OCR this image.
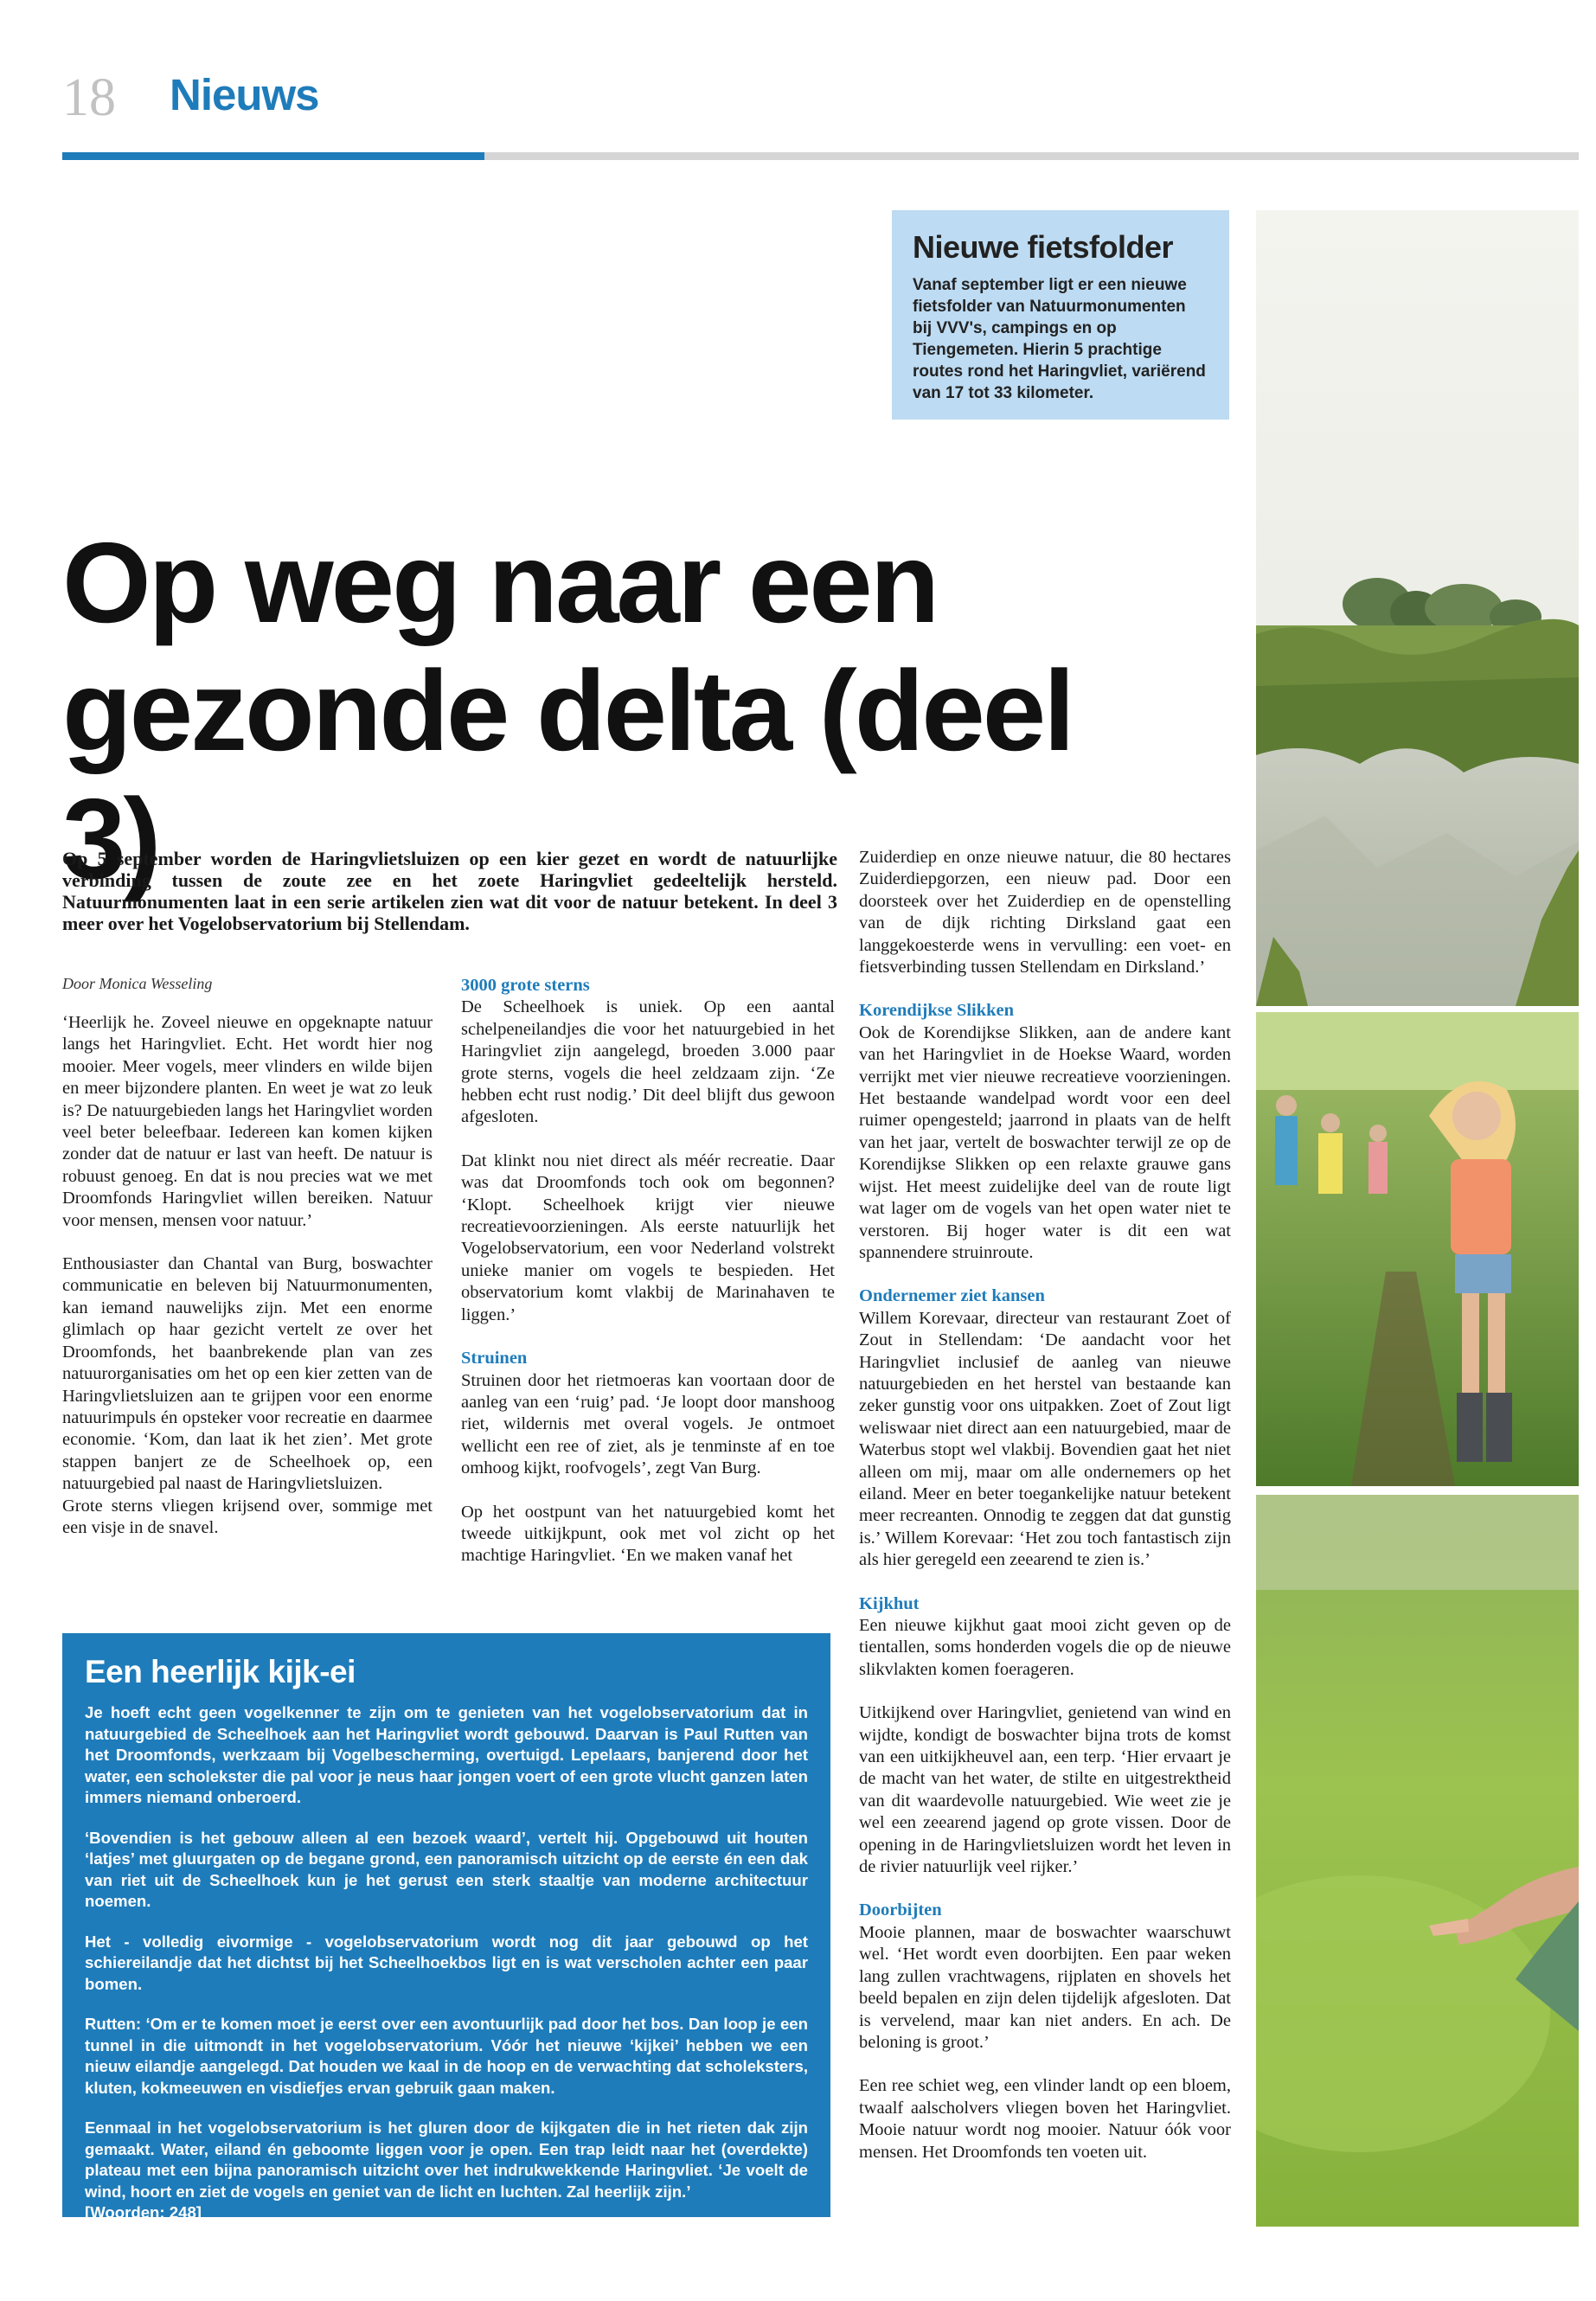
18 Nieuws
Nieuwe fietsfolder
Vanaf september ligt er een nieuwe fietsfolder van Natuurmonumenten bij VVV's, campings en op Tiengemeten. Hierin 5 prachtige routes rond het Haringvliet, variërend van 17 tot 33 kilometer.
Op weg naar een
gezonde delta (deel 3)
Op 5 september worden de Haringvlietsluizen op een kier gezet en wordt de natuurlijke verbinding tussen de zoute zee en het zoete Haringvliet gedeeltelijk hersteld. Natuurmonumenten laat in een serie artikelen zien wat dit voor de natuur betekent. In deel 3 meer over het Vogelobservatorium bij Stellendam.
Door Monica Wesseling

‘Heerlijk he. Zoveel nieuwe en opgeknapte natuur langs het Haringvliet. Echt. Het wordt hier nog mooier. Meer vogels, meer vlinders en wilde bijen en meer bijzondere planten. En weet je wat zo leuk is? De natuurgebieden langs het Haringvliet worden veel beter beleefbaar. Iedereen kan komen kijken zonder dat de natuur er last van heeft. De natuur is robuust genoeg. En dat is nou precies wat we met Droomfonds Haringvliet willen bereiken. Natuur voor mensen, mensen voor natuur.’

Enthousiaster dan Chantal van Burg, boswachter communicatie en beleven bij Natuurmonumenten, kan iemand nauwelijks zijn. Met een enorme glimlach op haar gezicht vertelt ze over het Droomfonds, het baanbrekende plan van zes natuurorganisaties om het op een kier zetten van de Haringvlietsluizen aan te grijpen voor een enorme natuurimpuls én opsteker voor recreatie en daarmee economie. ‘Kom, dan laat ik het zien’. Met grote stappen banjert ze de Scheelhoek op, een natuurgebied pal naast de Haringvlietsluizen.

Grote sterns vliegen krijsend over, sommige met een visje in de snavel.

3000 grote sterns

De Scheelhoek is uniek. Op een aantal schelpeneilandjes die voor het natuurgebied in het Haringvliet zijn aangelegd, broeden 3.000 paar grote sterns, vogels die heel zeldzaam zijn. ‘Ze hebben echt rust nodig.’ Dit deel blijft dus gewoon afgesloten.

Dat klinkt nou niet direct als méér recreatie. Daar was dat Droomfonds toch ook om begonnen? ‘Klopt. Scheelhoek krijgt vier nieuwe recreatievoorzieningen. Als eerste natuurlijk het Vogelobservatorium, een voor Nederland volstrekt unieke manier om vogels te bespieden. Het observatorium komt vlakbij de Marinahaven te liggen.’

Struinen

Struinen door het rietmoeras kan voortaan door de aanleg van een ‘ruig’ pad. ‘Je loopt door manshoog riet, wildernis met overal vogels. Je ontmoet wellicht een ree of ziet, als je tenminste af en toe omhoog kijkt, roofvogels’, zegt Van Burg.

Op het oostpunt van het natuurgebied komt het tweede uitkijkpunt, ook met vol zicht op het machtige Haringvliet. ‘En we maken vanaf het

Zuiderdiep en onze nieuwe natuur, die 80 hectares Zuiderdiepgorzen, een nieuw pad. Door een doorsteek over het Zuiderdiep en de openstelling van de dijk richting Dirksland gaat een langgekoesterde wens in vervulling: een voet- en fietsverbinding tussen Stellendam en Dirksland.’

Korendijkse Slikken

Ook de Korendijkse Slikken, aan de andere kant van het Haringvliet in de Hoekse Waard, worden verrijkt met vier nieuwe recreatieve voorzieningen. Het bestaande wandelpad wordt voor een deel ruimer opengesteld; jaarrond in plaats van de helft van het jaar, vertelt de boswachter terwijl ze op de Korendijkse Slikken op een relaxte grauwe gans wijst. Het meest zuidelijke deel van de route ligt wat lager om de vogels van het open water niet te verstoren. Bij hoger water is dit een wat spannendere struinroute.

Ondernemer ziet kansen

Willem Korevaar, directeur van restaurant Zoet of Zout in Stellendam: ‘De aandacht voor het Haringvliet inclusief de aanleg van nieuwe natuurgebieden en het herstel van bestaande kan zeker gunstig voor ons uitpakken. Zoet of Zout ligt weliswaar niet direct aan een natuurgebied, maar de Waterbus stopt wel vlakbij. Bovendien gaat het niet alleen om mij, maar om alle ondernemers op het eiland. Meer en beter toegankelijke natuur betekent meer recreanten. Onnodig te zeggen dat dat gunstig is.’ Willem Korevaar: ‘Het zou toch fantastisch zijn als hier geregeld een zeearend te zien is.’

Kijkhut

Een nieuwe kijkhut gaat mooi zicht geven op de tientallen, soms honderden vogels die op de nieuwe slikvlakten komen foerageren.

Uitkijkend over Haringvliet, genietend van wind en wijdte, kondigt de boswachter bijna trots de komst van een uitkijkheuvel aan, een terp. ‘Hier ervaart je de macht van het water, de stilte en uitgestrektheid van dit waardevolle natuurgebied. Wie weet zie je wel een zeearend jagend op grote vissen. Door de opening in de Haringvlietsluizen wordt het leven in de rivier natuurlijk veel rijker.’

Doorbijten

Mooie plannen, maar de boswachter waarschuwt wel. ‘Het wordt even doorbijten. Een paar weken lang zullen vrachtwagens, rijplaten en shovels het beeld bepalen en zijn delen tijdelijk afgesloten. Dat is vervelend, maar kan niet anders. En ach. De beloning is groot.’

Een ree schiet weg, een vlinder landt op een bloem, twaalf aalscholvers vliegen boven het Haringvliet. Mooie natuur wordt nog mooier. Natuur óók voor mensen. Het Droomfonds ten voeten uit.

Een heerlijk kijk-ei

Je hoeft echt geen vogelkenner te zijn om te genieten van het vogelobservatorium dat in natuurgebied de Scheelhoek aan het Haringvliet wordt gebouwd. Daarvan is Paul Rutten van het Droomfonds, werkzaam bij Vogelbescherming, overtuigd. Lepelaars, banjerend door het water, een scholekster die pal voor je neus haar jongen voert of een grote vlucht ganzen laten immers niemand onberoerd.

‘Bovendien is het gebouw alleen al een bezoek waard’, vertelt hij. Opgebouwd uit houten ‘latjes’ met gluurgaten op de begane grond, een panoramisch uitzicht op de eerste én een dak van riet uit de Scheelhoek kun je het gerust een sterk staaltje van moderne architectuur noemen.

Het - volledig eivormige - vogelobservatorium wordt nog dit jaar gebouwd op het schiereilandje dat het dichtst bij het Scheelhoekbos ligt en is wat verscholen achter een paar bomen.

Rutten: ‘Om er te komen moet je eerst over een avontuurlijk pad door het bos. Dan loop je een tunnel in die uitmondt in het vogelobservatorium. Vóór het nieuwe ‘kijkei’ hebben we een nieuw eilandje aangelegd. Dat houden we kaal in de hoop en de verwachting dat scholeksters, kluten, kokmeeuwen en visdiefjes ervan gebruik gaan maken.

Eenmaal in het vogelobservatorium is het gluren door de kijkgaten die in het rieten dak zijn gemaakt. Water, eiland én geboomte liggen voor je open. Een trap leidt naar het (overdekte) plateau met een bijna panoramisch uitzicht over het indrukwekkende Haringvliet. ‘Je voelt de wind, hoort en ziet de vogels en geniet van de licht en luchten. Zal heerlijk zijn.’

[Woorden: 248]
